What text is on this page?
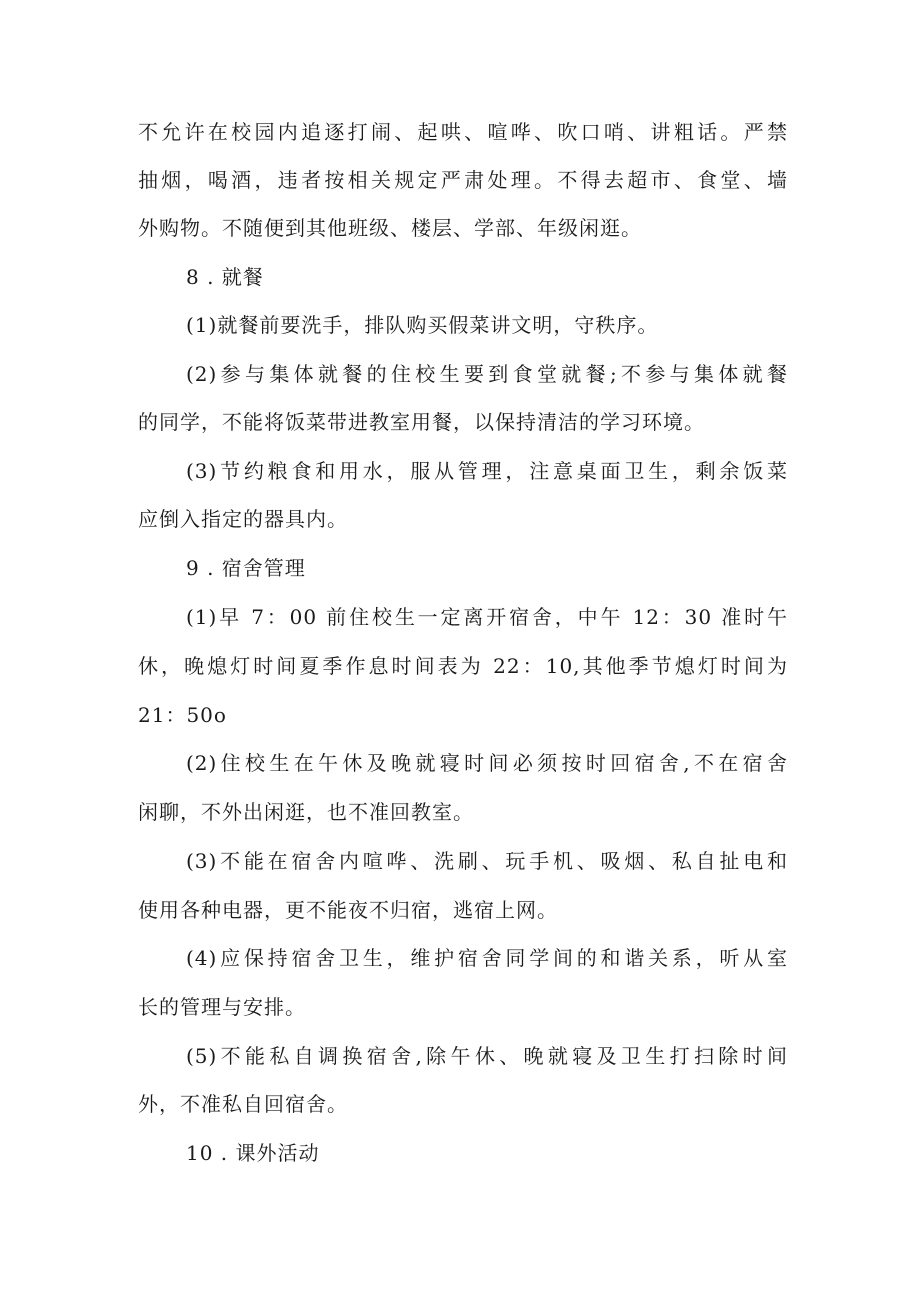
不允许在校园内追逐打闹、起哄、喧哗、吹口哨、讲粗话。严禁
抽烟，喝酒，违者按相关规定严肃处理。不得去超市、食堂、墙
外购物。不随便到其他班级、楼层、学部、年级闲逛。
8 . 就餐
(1)就餐前要洗手，排队购买假菜讲文明，守秩序。
(2)参与集体就餐的住校生要到食堂就餐;不参与集体就餐
的同学，不能将饭菜带进教室用餐，以保持清洁的学习环境。
(3)节约粮食和用水，服从管理，注意桌面卫生，剩余饭菜
应倒入指定的器具内。
9 . 宿舍管理
(1)早 7：00 前住校生一定离开宿舍，中午 12：30 准时午
休，晚熄灯时间夏季作息时间表为 22：10,其他季节熄灯时间为
21：50o
(2)住校生在午休及晚就寝时间必须按时回宿舍,不在宿舍
闲聊，不外出闲逛，也不准回教室。
(3)不能在宿舍内喧哗、洗刷、玩手机、吸烟、私自扯电和
使用各种电器，更不能夜不归宿，逃宿上网。
(4)应保持宿舍卫生，维护宿舍同学间的和谐关系，听从室
长的管理与安排。
(5)不能私自调换宿舍,除午休、晚就寝及卫生打扫除时间
外，不准私自回宿舍。
10 . 课外活动
